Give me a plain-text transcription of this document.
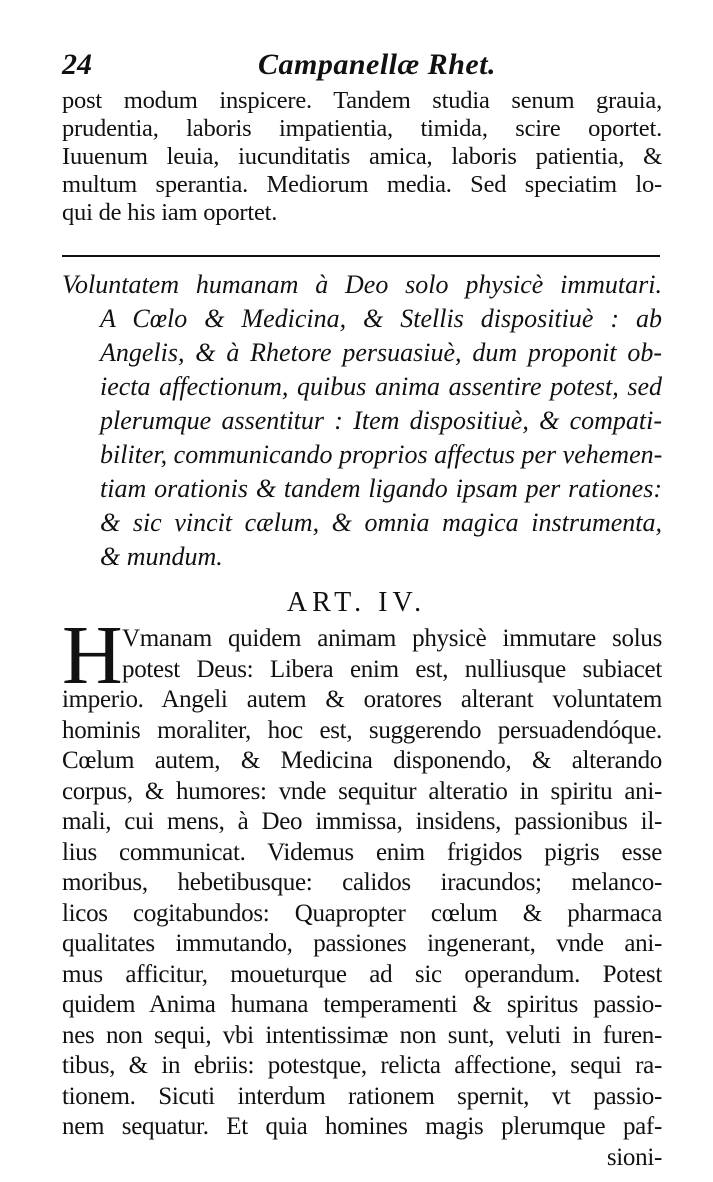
24	Campanellæ Rhet.
post modum inspicere. Tandem studia senum grauia,
prudentia, laboris impatientia, timida, scire oportet.
Iuuenum leuia, iucunditatis amica, laboris patientia, &
multum sperantia. Mediorum media. Sed speciatim lo-
qui de his iam oportet.
Voluntatem humanam à Deo solo physicè immutari.
A Cœlo & Medicina, & Stellis dispositiuè : ab
Angelis, & à Rhetore persuasiuè, dum proponit ob-
iecta affectionum, quibus anima assentire potest, sed
plerumque assentitur : Item dispositiuè, & compati-
biliter, communicando proprios affectus per vehemen-
tiam orationis & tandem ligando ipsam per rationes:
& sic vincit cælum, & omnia magica instrumenta,
& mundum.
ART. IV.
H Vmanam quidem animam physicè immutare solus
potest Deus: Libera enim est, nulliusque subiacet
imperio. Angeli autem & oratores alterant voluntatem
hominis moraliter, hoc est, suggerendo persuadendóque.
Cœlum autem, & Medicina disponendo, & alterando
corpus, & humores: vnde sequitur alteratio in spiritu ani-
mali, cui mens, à Deo immissa, insidens, passionibus il-
lius communicat. Videmus enim frigidos pigris esse
moribus, hebetibusque: calidos iracundos; melanco-
licos cogitabundos: Quapropter cœlum & pharmaca
qualitates immutando, passiones ingenerant, vnde ani-
mus afficitur, moueturque ad sic operandum. Potest
quidem Anima humana temperamenti & spiritus passio-
nes non sequi, vbi intentissimæ non sunt, veluti in furen-
tibus, & in ebriis: potestque, relicta affectione, sequi ra-
tionem. Sicuti interdum rationem spernit, vt passio-
nem sequatur. Et quia homines magis plerumque paf-
sioni-
